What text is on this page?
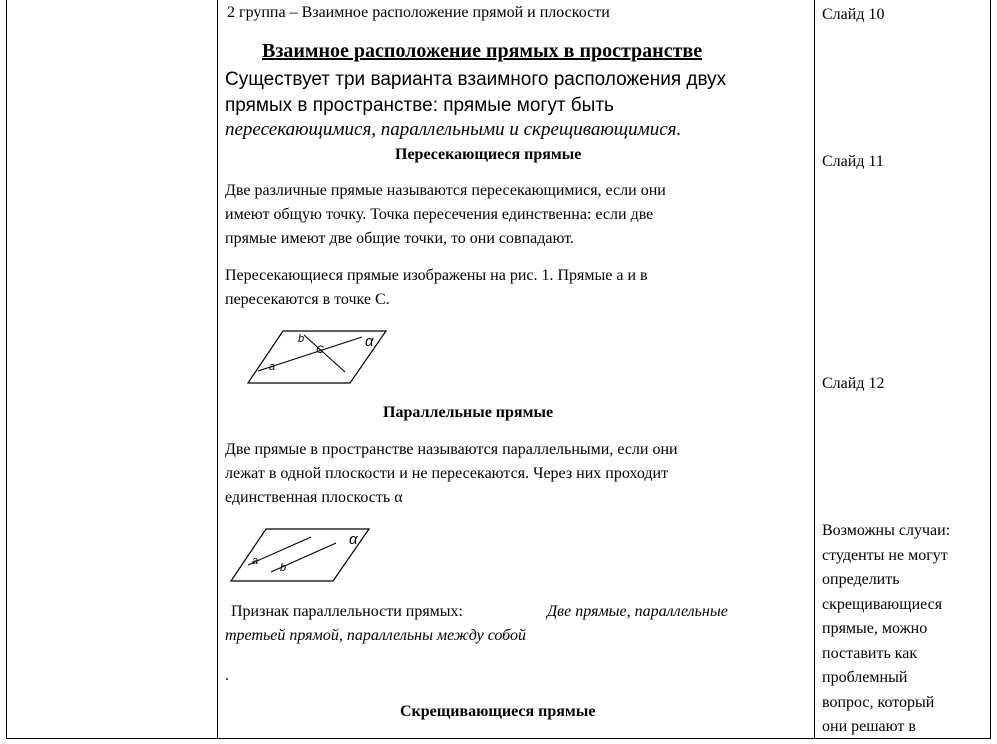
2 группа – Взаимное расположение прямой и плоскости
Взаимное расположение прямых в пространстве
Существует три варианта взаимного расположения двух
прямых в пространстве: прямые могут быть
пересекающимися, параллельными и скрещивающимися.
Пересекающиеся прямые
Две различные прямые называются пересекающимися, если они
имеют общую точку. Точка пересечения единственна: если две
прямые имеют две общие точки, то они совпадают.
Пересекающиеся прямые изображены на рис. 1. Прямые а и в
пересекаются в точке С.
a
b
C	α
Параллельные прямые
Две прямые в пространстве называются параллельными, если они
лежат в одной плоскости и не пересекаются. Через них проходит
единственная плоскость α
a
b
α
Признак параллельности прямых:	Две прямые, параллельные
третьей прямой, параллельны между собой
.
Скрещивающиеся прямые
Слайд 10
Слайд 11
Слайд 12
Возможны случаи:
студенты не могут
определить
скрещивающиеся
прямые, можно
поставить как
проблемный
вопрос, который
они решают в
